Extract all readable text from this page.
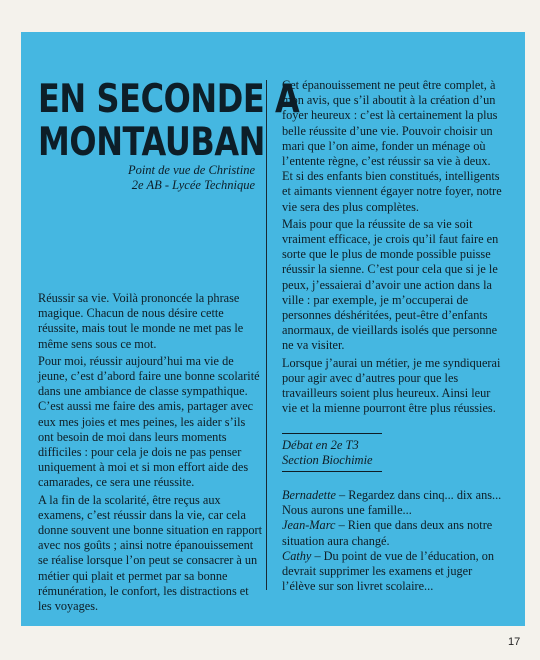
EN SECONDE A
MONTAUBAN
Point de vue de Christine
2e AB - Lycée Technique

Réussir sa vie. Voilà prononcée la phrase magique. Chacun de nous désire cette réussite, mais tout le monde ne met pas le même sens sous ce mot.

Pour moi, réussir aujourd’hui ma vie de jeune, c’est d’abord faire une bonne scolarité dans une ambiance de classe sympathique. C’est aussi me faire des amis, partager avec eux mes joies et mes peines, les aider s’ils ont besoin de moi dans leurs moments difficiles : pour cela je dois ne pas penser uniquement à moi et si mon effort aide des camarades, ce sera une réussite.

A la fin de la scolarité, être reçus aux examens, c’est réussir dans la vie, car cela donne souvent une bonne situation en rapport avec nos goûts ; ainsi notre épanouissement se réalise lorsque l’on peut se consacrer à un métier qui plait et permet par sa bonne rémunération, le confort, les distractions et les voyages.

Cet épanouissement ne peut être complet, à mon avis, que s’il aboutit à la création d’un foyer heureux : c’est là certainement la plus belle réussite d’une vie. Pouvoir choisir un mari que l’on aime, fonder un ménage où l’entente règne, c’est réussir sa vie à deux. Et si des enfants bien constitués, intelligents et aimants viennent égayer notre foyer, notre vie sera des plus complètes.

Mais pour que la réussite de sa vie soit vraiment efficace, je crois qu’il faut faire en sorte que le plus de monde possible puisse réussir la sienne. C’est pour cela que si je le peux, j’essaierai d’avoir une action dans la ville : par exemple, je m’occuperai de personnes déshéritées, peut-être d’enfants anormaux, de vieillards isolés que personne ne va visiter.

Lorsque j’aurai un métier, je me syndiquerai pour agir avec d’autres pour que les travailleurs soient plus heureux. Ainsi leur vie et la mienne pourront être plus réussies.

Débat en 2e T3
Section Biochimie

Bernadette – Regardez dans cinq... dix ans... Nous aurons une famille...

Jean-Marc – Rien que dans deux ans notre situation aura changé.

Cathy – Du point de vue de l’éducation, on devrait supprimer les examens et juger l’élève sur son livret scolaire...

17
